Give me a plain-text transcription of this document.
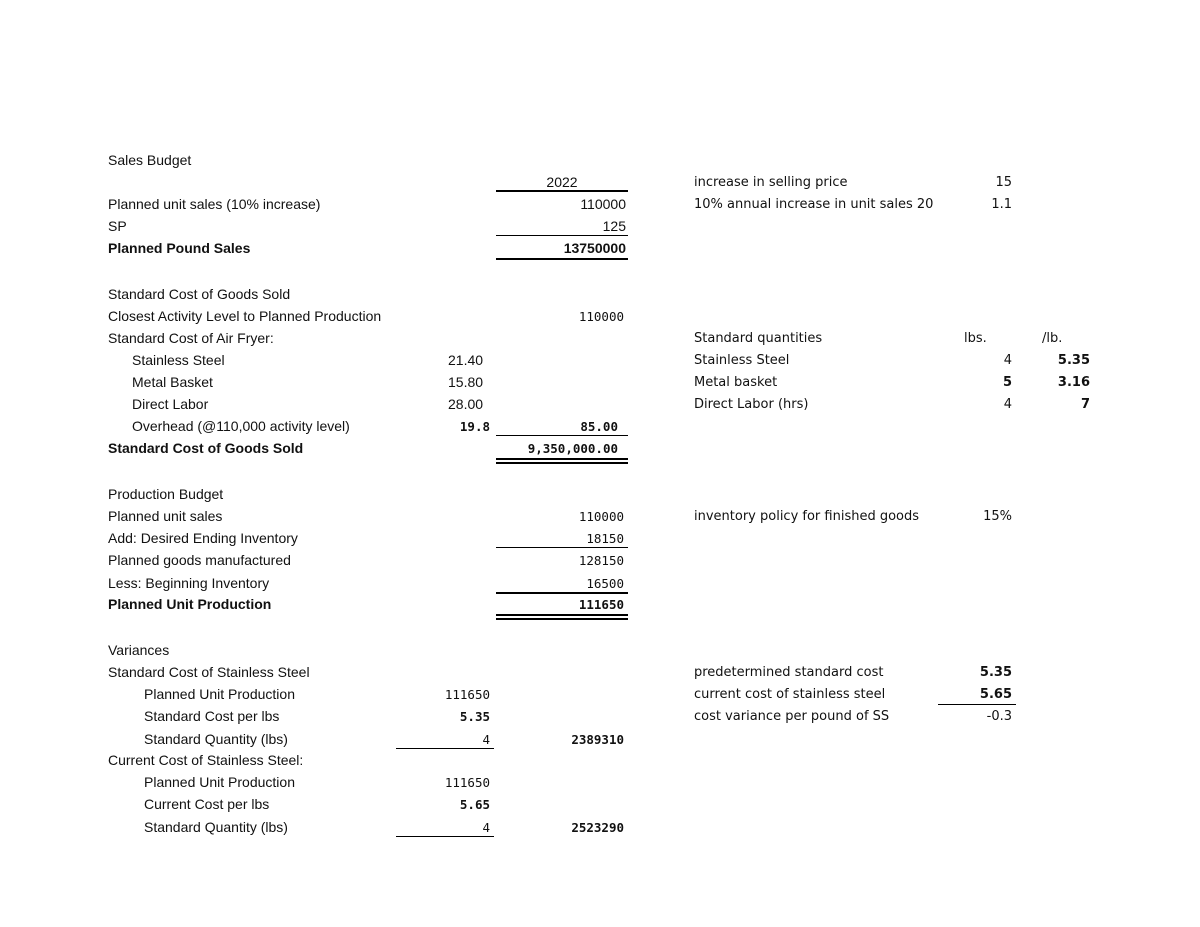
Sales Budget
2022
Planned unit sales (10% increase)	110000
SP	125
Planned Pound Sales	13750000
increase in selling price	15
10% annual increase in unit sales 20	1.1
Standard Cost of Goods Sold
Closest Activity Level to Planned Production	110000
Standard Cost of Air Fryer:
Stainless Steel	21.40
Metal Basket	15.80
Direct Labor	28.00
Overhead (@110,000 activity level)	19.8	85.00
Standard Cost of Goods Sold	9,350,000.00
Standard quantities	lbs.	/lb.
Stainless Steel	4	5.35
Metal basket	5	3.16
Direct Labor (hrs)	4	7
Production Budget
Planned unit sales	110000
Add: Desired Ending Inventory	18150
Planned goods manufactured	128150
Less: Beginning Inventory	16500
Planned Unit Production	111650
inventory policy for finished goods	15%
Variances
Standard Cost of Stainless Steel
Planned Unit Production	111650
Standard Cost per lbs	5.35
Standard Quantity (lbs)	4	2389310
Current Cost of Stainless Steel:
Planned Unit Production	111650
Current Cost per lbs	5.65
Standard Quantity (lbs)	4	2523290
predetermined standard cost	5.35
current cost of stainless steel	5.65
cost variance per pound of SS	-0.3
